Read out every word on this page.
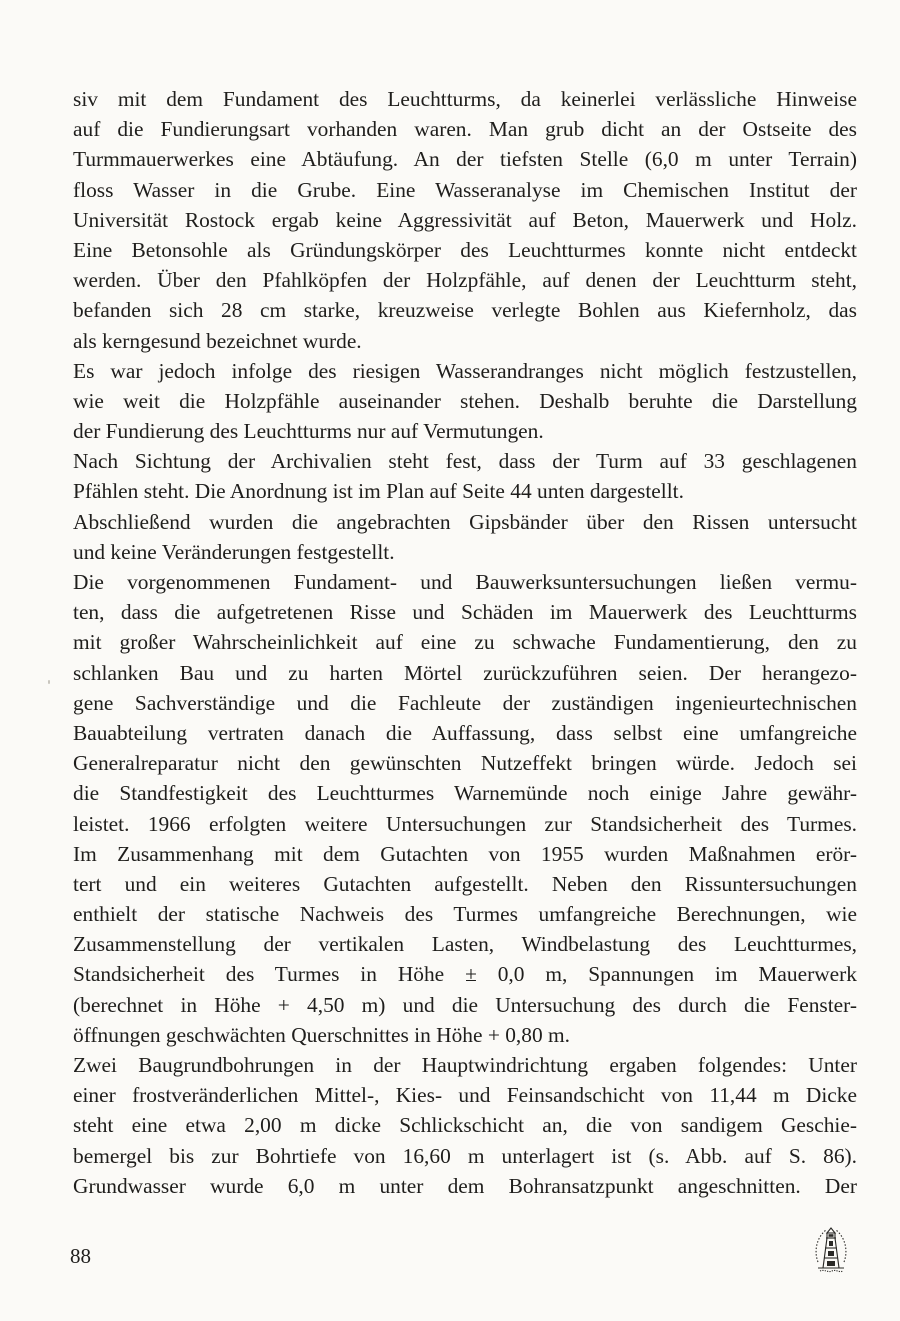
siv mit dem Fundament des Leuchtturms, da keinerlei verlässliche Hinweise
auf die Fundierungsart vorhanden waren. Man grub dicht an der Ostseite des
Turmmauerwerkes eine Abtäufung. An der tiefsten Stelle (6,0 m unter Terrain)
floss Wasser in die Grube. Eine Wasseranalyse im Chemischen Institut der
Universität Rostock ergab keine Aggressivität auf Beton, Mauerwerk und Holz.
Eine Betonsohle als Gründungskörper des Leuchtturmes konnte nicht entdeckt
werden. Über den Pfahlköpfen der Holzpfähle, auf denen der Leuchtturm steht,
befanden sich 28 cm starke, kreuzweise verlegte Bohlen aus Kiefernholz, das
als kerngesund bezeichnet wurde.
Es war jedoch infolge des riesigen Wasserandranges nicht möglich festzustellen,
wie weit die Holzpfähle auseinander stehen. Deshalb beruhte die Darstellung
der Fundierung des Leuchtturms nur auf Vermutungen.
Nach Sichtung der Archivalien steht fest, dass der Turm auf 33 geschlagenen
Pfählen steht. Die Anordnung ist im Plan auf Seite 44 unten dargestellt.
Abschließend wurden die angebrachten Gipsbänder über den Rissen untersucht
und keine Veränderungen festgestellt.
Die vorgenommenen Fundament- und Bauwerksuntersuchungen ließen vermu-
ten, dass die aufgetretenen Risse und Schäden im Mauerwerk des Leuchtturms
mit großer Wahrscheinlichkeit auf eine zu schwache Fundamentierung, den zu
schlanken Bau und zu harten Mörtel zurückzuführen seien. Der herangezo-
gene Sachverständige und die Fachleute der zuständigen ingenieurtechnischen
Bauabteilung vertraten danach die Auffassung, dass selbst eine umfangreiche
Generalreparatur nicht den gewünschten Nutzeffekt bringen würde. Jedoch sei
die Standfestigkeit des Leuchtturmes Warnemünde noch einige Jahre gewähr-
leistet. 1966 erfolgten weitere Untersuchungen zur Standsicherheit des Turmes.
Im Zusammenhang mit dem Gutachten von 1955 wurden Maßnahmen erör-
tert und ein weiteres Gutachten aufgestellt. Neben den Rissuntersuchungen
enthielt der statische Nachweis des Turmes umfangreiche Berechnungen, wie
Zusammenstellung der vertikalen Lasten, Windbelastung des Leuchtturmes,
Standsicherheit des Turmes in Höhe ± 0,0 m, Spannungen im Mauerwerk
(berechnet in Höhe + 4,50 m) und die Untersuchung des durch die Fenster-
öffnungen geschwächten Querschnittes in Höhe + 0,80 m.
Zwei Baugrundbohrungen in der Hauptwindrichtung ergaben folgendes: Unter
einer frostveränderlichen Mittel-, Kies- und Feinsandschicht von 11,44 m Dicke
steht eine etwa 2,00 m dicke Schlickschicht an, die von sandigem Geschie-
bemergel bis zur Bohrtiefe von 16,60 m unterlagert ist (s. Abb. auf S. 86).
Grundwasser wurde 6,0 m unter dem Bohransatzpunkt angeschnitten. Der
88
